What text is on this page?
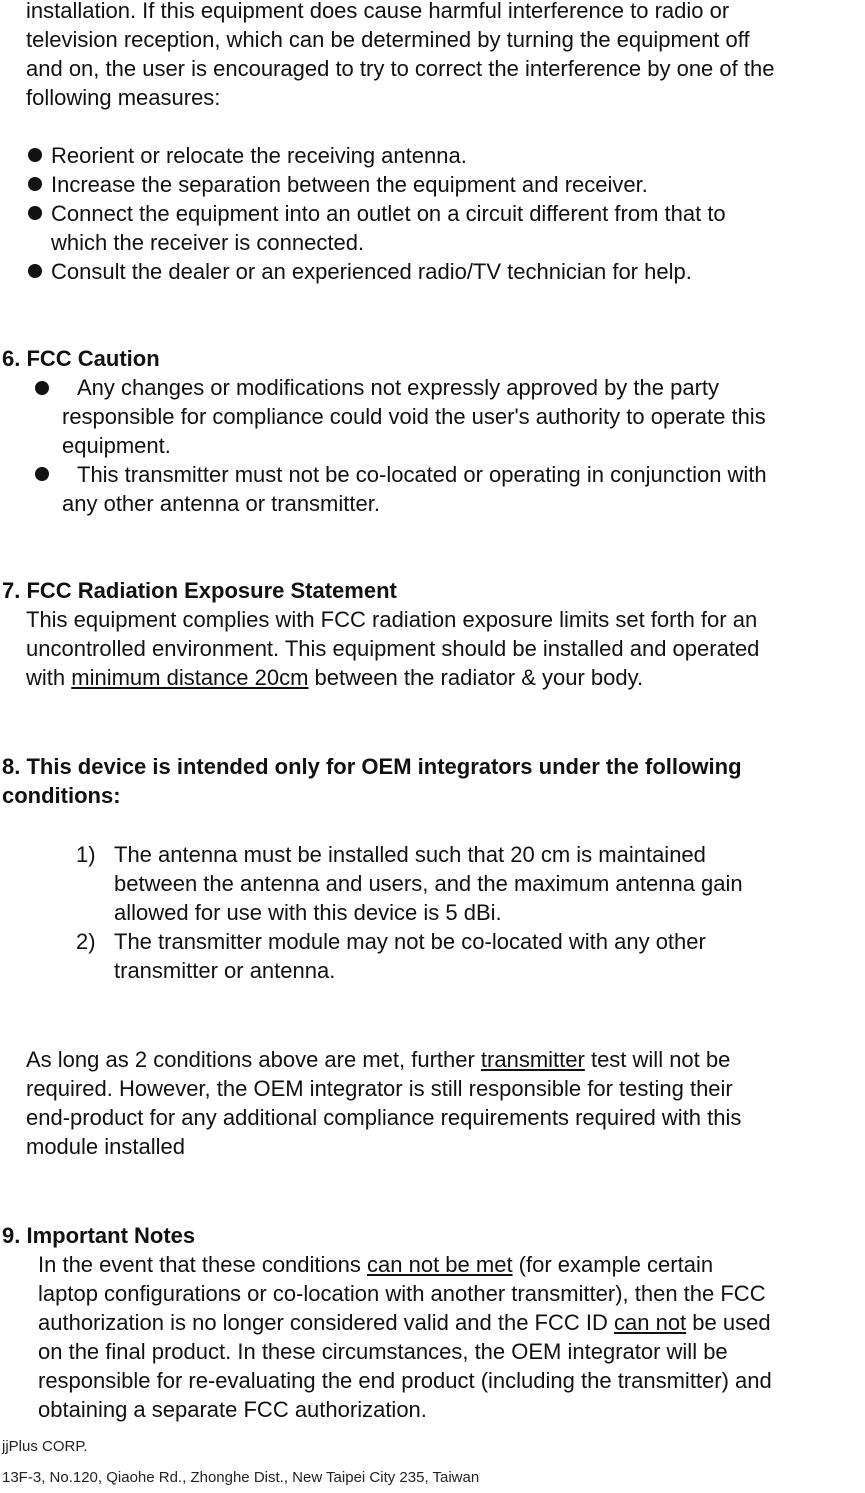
installation. If this equipment does cause harmful interference to radio or
television reception, which can be determined by turning the equipment off
and on, the user is encouraged to try to correct the interference by one of the
following measures:
Reorient or relocate the receiving antenna.
Increase the separation between the equipment and receiver.
Connect the equipment into an outlet on a circuit different from that to
which the receiver is connected.
Consult the dealer or an experienced radio/TV technician for help.
6. FCC Caution
Any changes or modifications not expressly approved by the party
responsible for compliance could void the user's authority to operate this
equipment.
This transmitter must not be co-located or operating in conjunction with
any other antenna or transmitter.
7. FCC Radiation Exposure Statement
This equipment complies with FCC radiation exposure limits set forth for an
uncontrolled environment. This equipment should be installed and operated
with minimum distance 20cm between the radiator & your body.
8. This device is intended only for OEM integrators under the following
conditions:
1) The antenna must be installed such that 20 cm is maintained
between the antenna and users, and the maximum antenna gain
allowed for use with this device is 5 dBi.
2) The transmitter module may not be co-located with any other
transmitter or antenna.
As long as 2 conditions above are met, further transmitter test will not be
required. However, the OEM integrator is still responsible for testing their
end-product for any additional compliance requirements required with this
module installed
9. Important Notes
In the event that these conditions can not be met (for example certain
laptop configurations or co-location with another transmitter), then the FCC
authorization is no longer considered valid and the FCC ID can not be used
on the final product. In these circumstances, the OEM integrator will be
responsible for re-evaluating the end product (including the transmitter) and
obtaining a separate FCC authorization.
jjPlus CORP.
13F-3, No.120, Qiaohe Rd., Zhonghe Dist., New Taipei City 235, Taiwan
